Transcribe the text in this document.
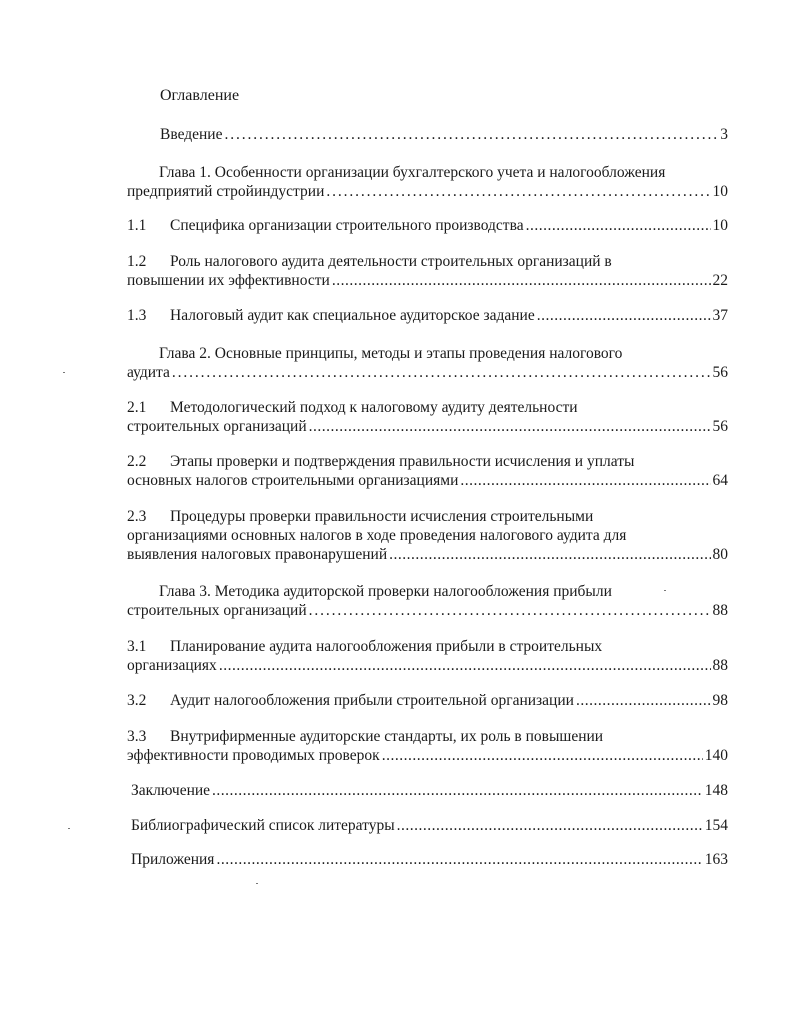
Оглавление
Введение . . .	3
Глава 1. Особенности организации бухгалтерского учета и налогообложения
предприятий стройиндустрии . . .	10
1.1	Специфика организации строительного производства .....	10
1.2 Роль налогового аудита деятельности строительных организаций в
повышении их эффективности .....	22
1.3	Налоговый аудит как специальное аудиторское задание .....	37
Глава 2. Основные принципы, методы и этапы проведения налогового
аудита . . .	56
2.1 Методологический подход к налоговому аудиту деятельности
строительных организаций .....	56
2.2 Этапы проверки и подтверждения правильности исчисления и уплаты
основных налогов строительными организациями .....	64
2.3 Процедуры проверки правильности исчисления строительными
организациями основных налогов в ходе проведения налогового аудита для
выявления налоговых правонарушений .....	80
Глава 3. Методика аудиторской проверки налогообложения прибыли
строительных организаций . . .	88
3.1 Планирование аудита налогообложения прибыли в строительных
организациях .....	88
3.2	Аудит налогообложения прибыли строительной организации .....	98
3.3 Внутрифирменные аудиторские стандарты, их роль в повышении
эффективности проводимых проверок .....	140
Заключение .....	148
Библиографический список литературы .....	154
Приложения .....	163
